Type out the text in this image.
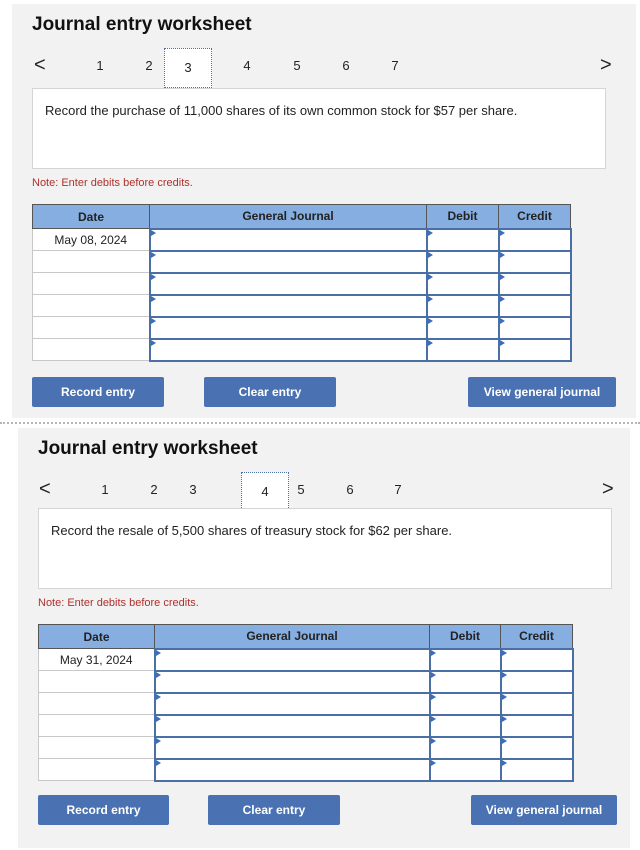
Journal entry worksheet
<	1	2	3	4	5	6	7	>
Record the purchase of 11,000 shares of its own common stock for $57 per share.
Note: Enter debits before credits.
Date	General Journal	Debit	Credit
May 08, 2024			

Record entry	Clear entry	View general journal
Journal entry worksheet
<	1	2	3	4	5	6	7	>
Record the resale of 5,500 shares of treasury stock for $62 per share.
Note: Enter debits before credits.
Date	General Journal	Debit	Credit
May 31, 2024			

Record entry	Clear entry	View general journal
